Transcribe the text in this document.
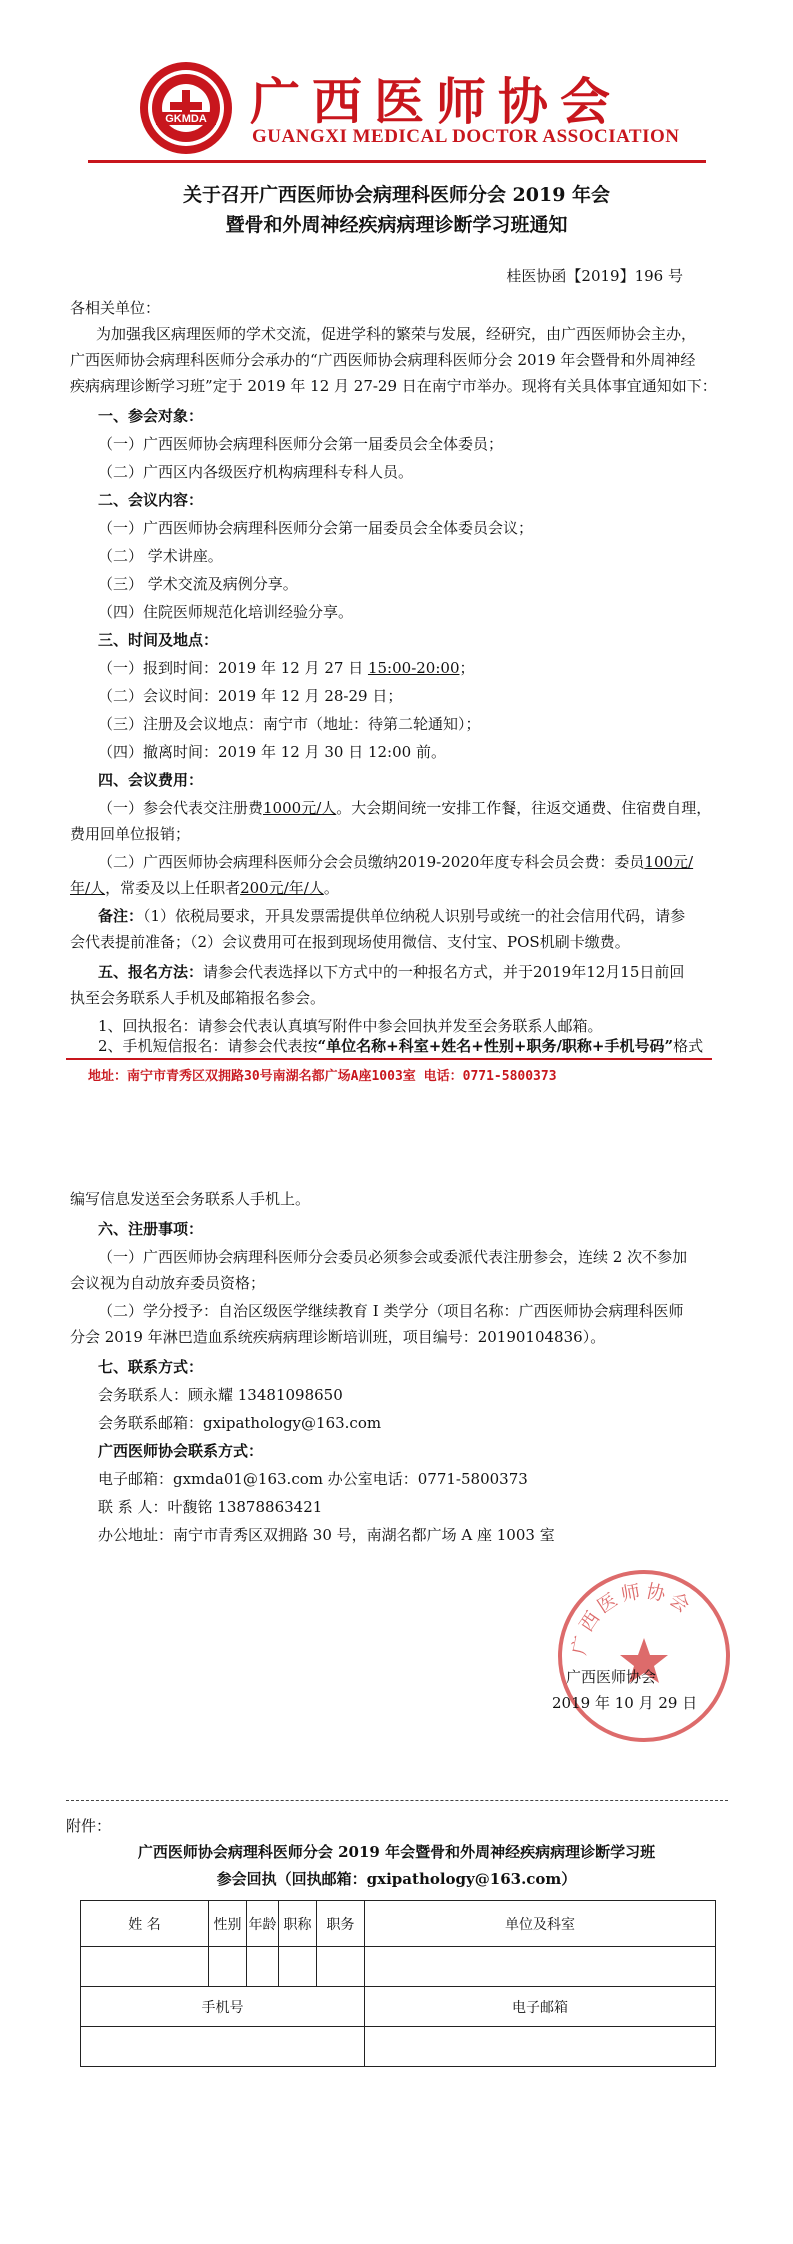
GKMDA 广西医师协会
GUANGXI MEDICAL DOCTOR ASSOCIATION
关于召开广西医师协会病理科医师分会 2019 年会
暨骨和外周神经疾病病理诊断学习班通知
桂医协函【2019】196 号
各相关单位：
为加强我区病理医师的学术交流，促进学科的繁荣与发展，经研究，由广西医师协会主办，
广西医师协会病理科医师分会承办的“广西医师协会病理科医师分会 2019 年会暨骨和外周神经
疾病病理诊断学习班”定于 2019 年 12 月 27-29 日在南宁市举办。现将有关具体事宜通知如下：
一、参会对象：
（一）广西医师协会病理科医师分会第一届委员会全体委员；
（二）广西区内各级医疗机构病理科专科人员。
二、会议内容：
（一）广西医师协会病理科医师分会第一届委员会全体委员会议；
（二） 学术讲座。
（三） 学术交流及病例分享。
（四）住院医师规范化培训经验分享。
三、时间及地点：
（一）报到时间：2019 年 12 月 27 日 15:00-20:00；
（二）会议时间：2019 年 12 月 28-29 日；
（三）注册及会议地点：南宁市（地址：待第二轮通知）；
（四）撤离时间：2019 年 12 月 30 日 12:00 前。
四、会议费用：
（一）参会代表交注册费1000元/人。大会期间统一安排工作餐，往返交通费、住宿费自理，
费用回单位报销；
（二）广西医师协会病理科医师分会会员缴纳2019-2020年度专科会员会费：委员100元/
年/人，常委及以上任职者200元/年/人。
备注：（1）依税局要求，开具发票需提供单位纳税人识别号或统一的社会信用代码，请参
会代表提前准备；（2）会议费用可在报到现场使用微信、支付宝、POS机刷卡缴费。
五、报名方法：请参会代表选择以下方式中的一种报名方式，并于2019年12月15日前回
执至会务联系人手机及邮箱报名参会。
1、回执报名：请参会代表认真填写附件中参会回执并发至会务联系人邮箱。
2、手机短信报名：请参会代表按“单位名称+科室+姓名+性别+职务/职称+手机号码”格式
地址：南宁市青秀区双拥路30号南湖名都广场A座1003室 电话：0771-5800373
编写信息发送至会务联系人手机上。
六、注册事项：
（一）广西医师协会病理科医师分会委员必须参会或委派代表注册参会，连续 2 次不参加
会议视为自动放弃委员资格；
（二）学分授予：自治区级医学继续教育 I 类学分（项目名称：广西医师协会病理科医师
分会 2019 年淋巴造血系统疾病病理诊断培训班，项目编号：20190104836）。
七、联系方式：
会务联系人：顾永耀 13481098650
会务联系邮箱：gxipathology@163.com
广西医师协会联系方式：
电子邮箱：gxmda01@163.com 办公室电话：0771-5800373
联 系 人：叶馥铭 13878863421
办公地址：南宁市青秀区双拥路 30 号，南湖名都广场 A 座 1003 室
广西医师协会
广西医师协会
2019 年 10 月 29 日
附件：
广西医师协会病理科医师分会 2019 年会暨骨和外周神经疾病病理诊断学习班
参会回执（回执邮箱：gxipathology@163.com）
姓 名	性别	年龄	职称	职务	单位及科室

手机号					电子邮箱
